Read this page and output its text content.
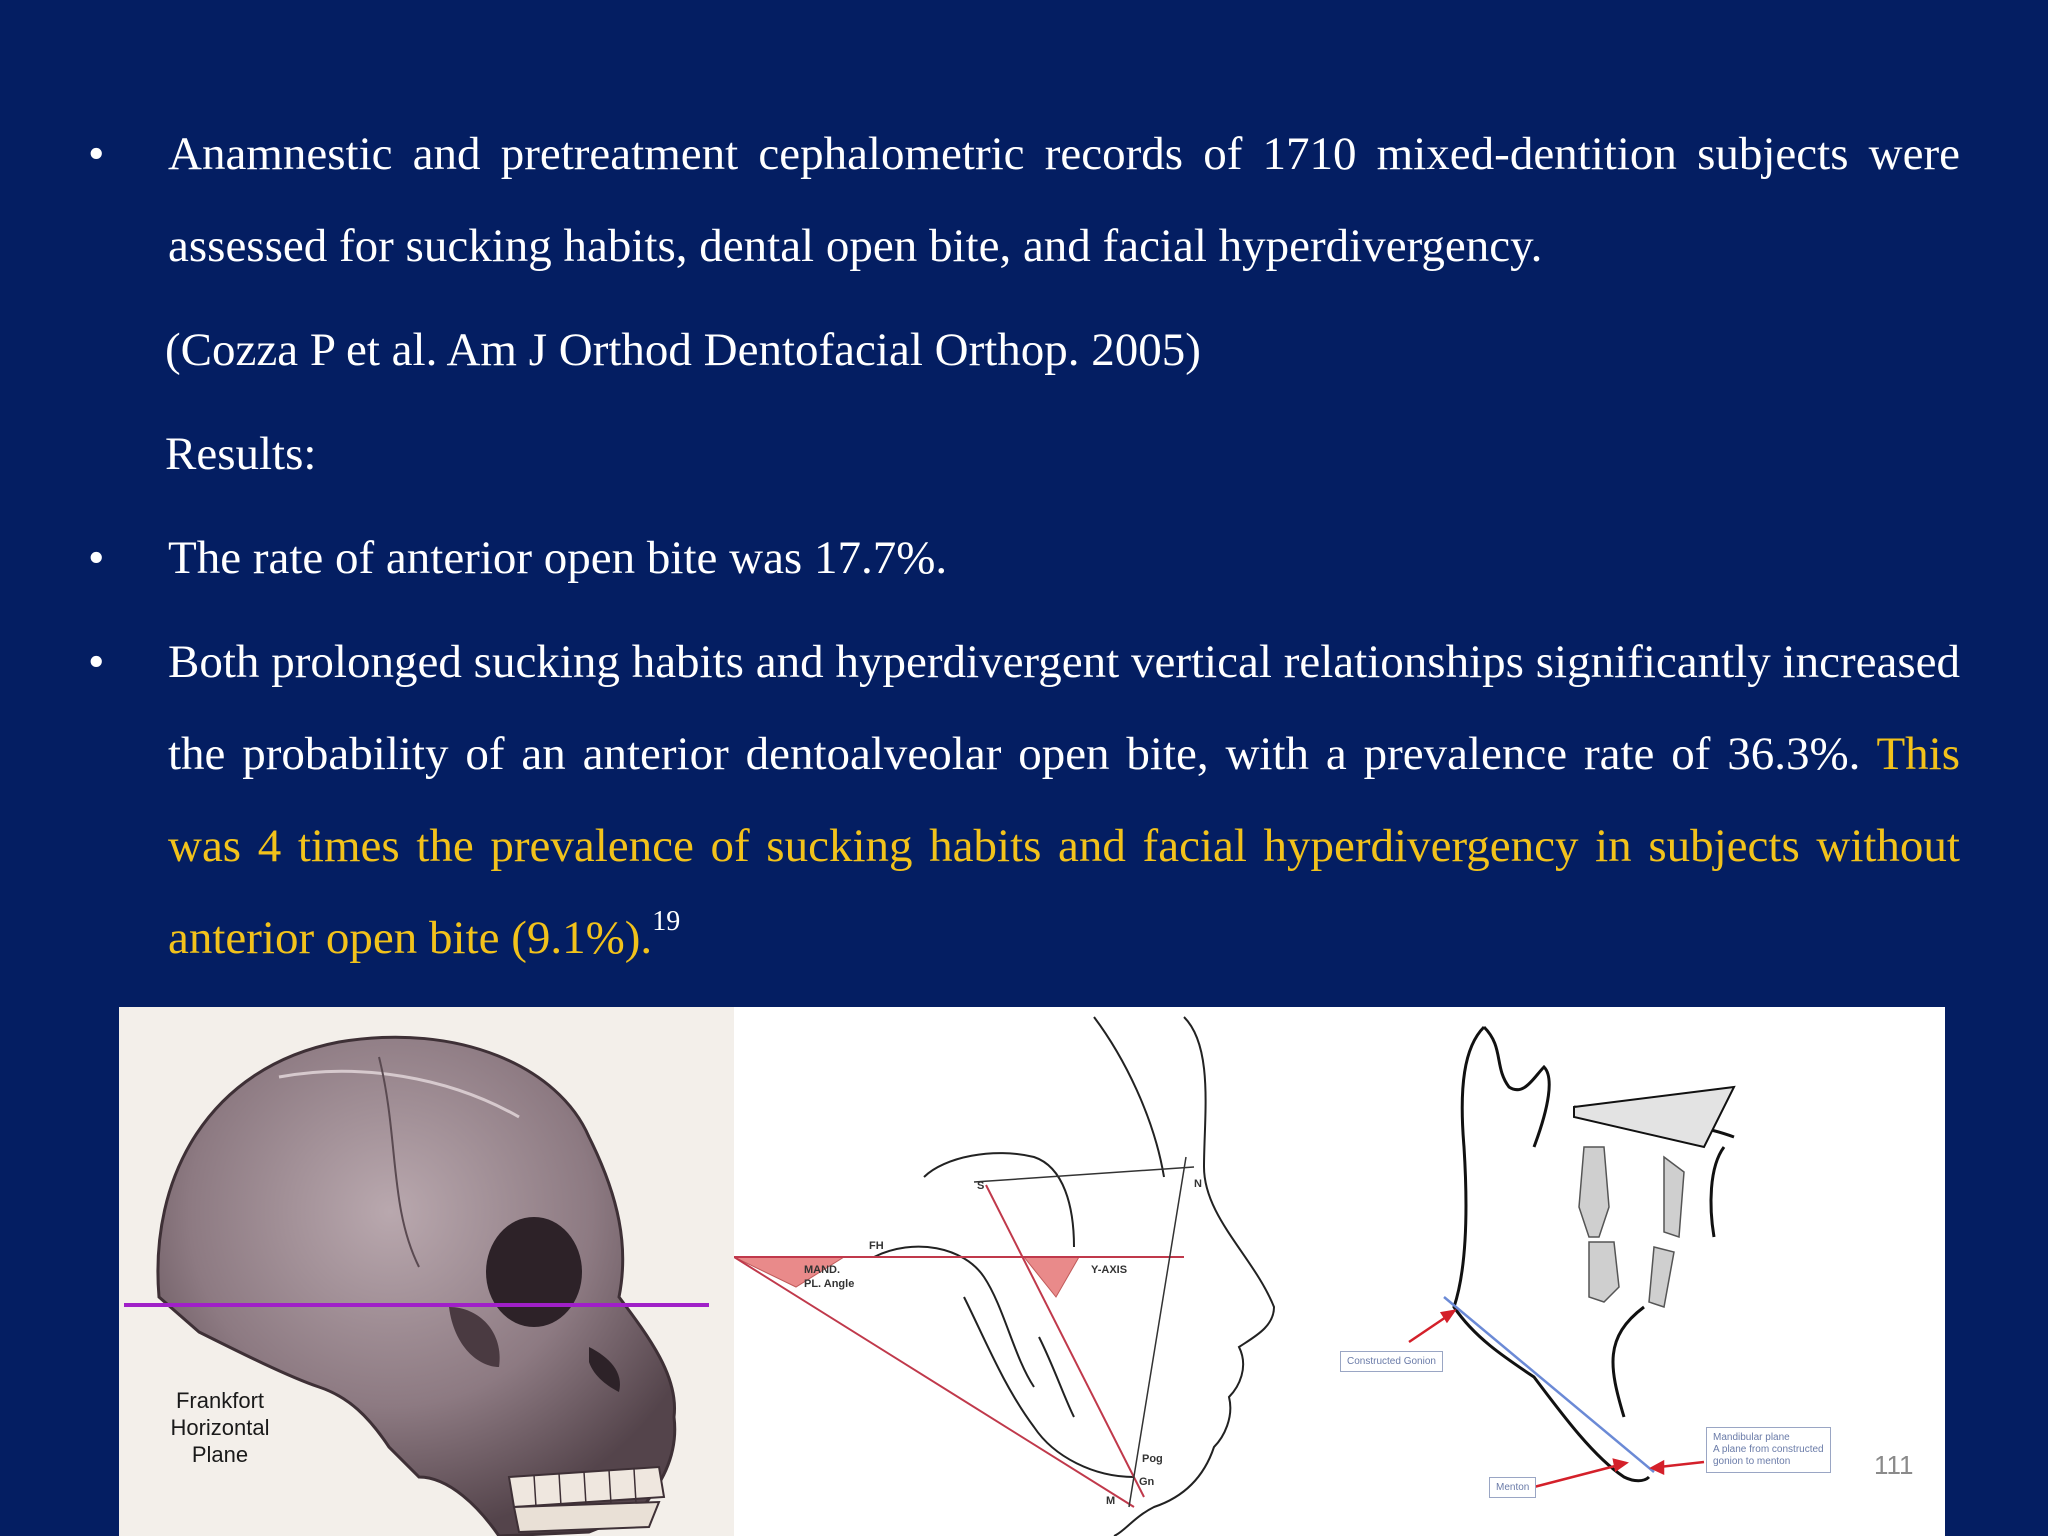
•	Anamnestic and pretreatment cephalometric records of 1710 mixed-dentition subjects were assessed for sucking habits, dental open bite, and facial hyperdivergency.
(Cozza P et al. Am J Orthod Dentofacial Orthop. 2005)
Results:
•	The rate of anterior open bite was 17.7%.
•	Both prolonged sucking habits and hyperdivergent vertical relationships significantly increased the probability of an anterior dentoalveolar open bite, with a prevalence rate of 36.3%. This was 4 times the prevalence of sucking habits and facial hyperdivergency in subjects without anterior open bite (9.1%).$^{19}$
Frankfort Horizontal Plane
FH
MAND.
PL. Angle
Y-AXIS
S	N
Pog
Gn
M
Constructed Gonion
Menton
Mandibular plane
A plane from constructed
gonion to menton	111
